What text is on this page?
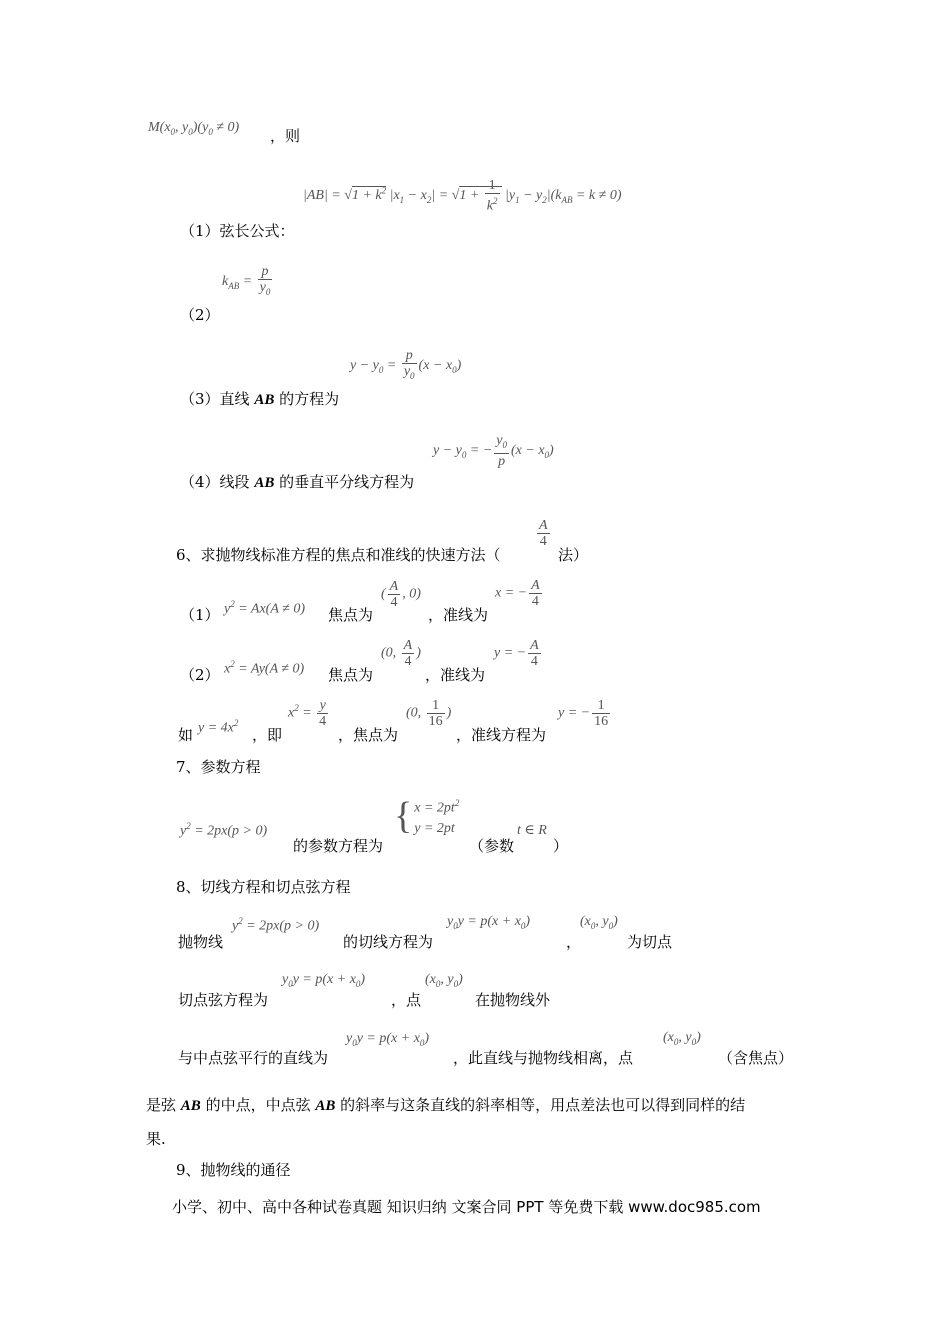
$M(x_0$, $y_0)(y_0 \ne 0)$ ，则
$|AB| = √1 + k^2$ $|x_1 - x_2| = √1 + \frac{1}{k^2} |y_1 - y_2|(k_{AB} = k \ne 0)$
（1）弦长公式：
$k_{AB} = \frac{p}{y_0}$
（2）
$y - y_0 = \frac{p}{y_0} (x - x_0)$
（3）直线 AB 的方程为
$y - y_0$ = − $\frac{y_0}{p} (x - x_0)$
（4）线段 AB 的垂直平分线方程为
6、求抛物线标准方程的焦点和准线的快速方法（
$\frac{A}{4}$
法）
（1） $y^2 = Ax(A \ne 0)$ 焦点为
( $\frac{A}{4}$ , 0)
，准线为
x = − $\frac{A}{4}$
（2） $x^2 = Ay(A \ne 0)$ 焦点为
(0, $\frac{A}{4}$ )
，准线为
y = − $\frac{A}{4}$
如 $y = 4x^2$
，即
$x^2 = \frac{y}{4}$
，焦点为
(0, $\frac{1}{16}$ )
，准线方程为
y = − $\frac{1}{16}$
7、参数方程
$y^2 = 2px(p > 0)$
的参数方程为
{ $x = 2pt^2$
y = 2pt
（参数
t ∈ R
）
8、切线方程和切点弦方程
抛物线
$y^2 = 2px(p > 0)$
的切线方程为
$y_0y = p(x + x_0)$
，
($x_0$, $y_0$)
为切点
切点弦方程为
$y_0y = p(x + x_0)$
，点
($x_0$, $y_0$)
在抛物线外
与中点弦平行的直线为
$y_0y = p(x + x_0)$
，此直线与抛物线相离，点
($x_0$, $y_0$)
（含焦点）
是弦 AB 的中点，中点弦 AB 的斜率与这条直线的斜率相等，用点差法也可以得到同样的结
果.
9、抛物线的通径
小学、初中、高中各种试卷真题 知识归纳 文案合同 PPT 等免费下载 www.doc985.com
